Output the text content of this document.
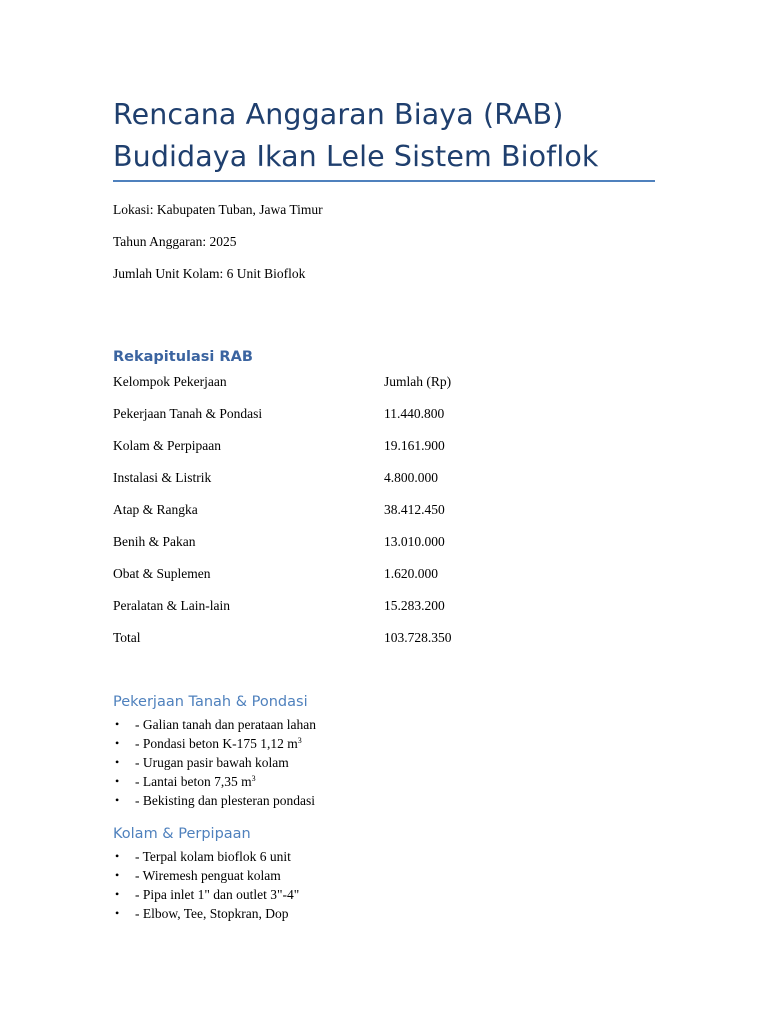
Rencana Anggaran Biaya (RAB)
Budidaya Ikan Lele Sistem Bioflok
Lokasi: Kabupaten Tuban, Jawa Timur
Tahun Anggaran: 2025
Jumlah Unit Kolam: 6 Unit Bioflok
Rekapitulasi RAB
Kelompok Pekerjaan	Jumlah (Rp)
Pekerjaan Tanah & Pondasi	11.440.800
Kolam & Perpipaan	19.161.900
Instalasi & Listrik	4.800.000
Atap & Rangka	38.412.450
Benih & Pakan	13.010.000
Obat & Suplemen	1.620.000
Peralatan & Lain-lain	15.283.200
Total	103.728.350
Pekerjaan Tanah & Pondasi
• - Galian tanah dan perataan lahan
• - Pondasi beton K-175 1,12 $m^3$
• - Urugan pasir bawah kolam
• - Lantai beton 7,35 $m^3$
• - Bekisting dan plesteran pondasi
Kolam & Perpipaan
• - Terpal kolam bioflok 6 unit
• - Wiremesh penguat kolam
• - Pipa inlet 1" dan outlet 3"-4"
• - Elbow, Tee, Stopkran, Dop
